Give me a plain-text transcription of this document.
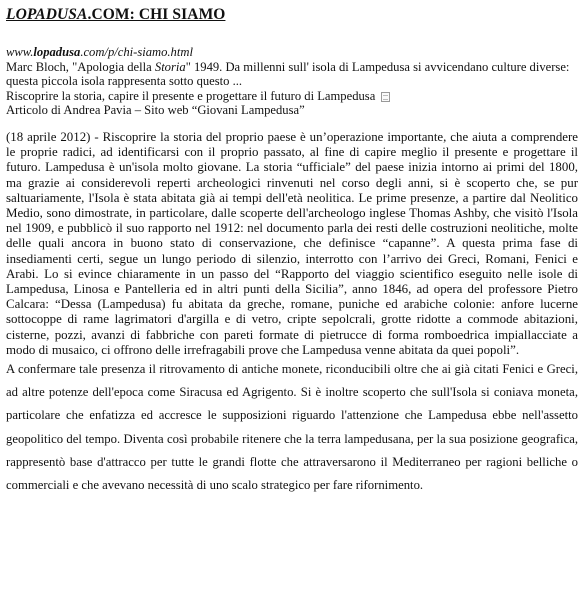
LOPADUSA.COM: CHI SIAMO
www.lopadusa.com/p/chi-siamo.html
Marc Bloch, "Apologia della Storia" 1949. Da millenni sull' isola di Lampedusa si avvicendano culture diverse: questa piccola isola rappresenta sotto questo ...
Riscoprire la storia, capire il presente e progettare il futuro di Lampedusa
Articolo di Andrea Pavia – Sito web “Giovani Lampedusa”

(18 aprile 2012) - Riscoprire la storia del proprio paese è un’operazione importante, che aiuta a comprendere le proprie radici, ad identificarsi con il proprio passato, al fine di capire meglio il presente e progettare il futuro. Lampedusa è un'isola molto giovane. La storia “ufficiale” del paese inizia intorno ai primi del 1800, ma grazie ai considerevoli reperti archeologici rinvenuti nel corso degli anni, si è scoperto che, se pur saltuariamente, l'Isola è stata abitata già ai tempi dell'età neolitica. Le prime presenze, a partire dal Neolitico Medio, sono dimostrate, in particolare, dalle scoperte dell'archeologo inglese Thomas Ashby, che visitò l'Isola nel 1909, e pubblicò il suo rapporto nel 1912: nel documento parla dei resti delle costruzioni neolitiche, molte delle quali ancora in buono stato di conservazione, che definisce “capanne”. A questa prima fase di insediamenti certi, segue un lungo periodo di silenzio, interrotto con l’arrivo dei Greci, Romani, Fenici e Arabi. Lo si evince chiaramente in un passo del “Rapporto del viaggio scientifico eseguito nelle isole di Lampedusa, Linosa e Pantelleria ed in altri punti della Sicilia”, anno 1846, ad opera del professore Pietro Calcara: “Dessa (Lampedusa) fu abitata da greche, romane, puniche ed arabiche colonie: anfore lucerne sottocoppe di rame lagrimatori d'argilla e di vetro, cripte sepolcrali, grotte ridotte a commode abitazioni, cisterne, pozzi, avanzi di fabbriche con pareti formate di pietrucce di forma romboedrica impiallacciate a modo di musaico, ci offrono delle irrefragabili prove che Lampedusa venne abitata da quei popoli”.

A confermare tale presenza il ritrovamento di antiche monete, riconducibili oltre che ai già citati Fenici e Greci, ad altre potenze dell'epoca come Siracusa ed Agrigento. Si è inoltre scoperto che sull'Isola si coniava moneta, particolare che enfatizza ed accresce le supposizioni riguardo l'attenzione che Lampedusa ebbe nell'assetto geopolitico del tempo. Diventa così probabile ritenere che la terra lampedusana, per la sua posizione geografica, rappresentò base d'attracco per tutte le grandi flotte che attraversarono il Mediterraneo per ragioni belliche o commerciali e che avevano necessità di uno scalo strategico per fare rifornimento.
